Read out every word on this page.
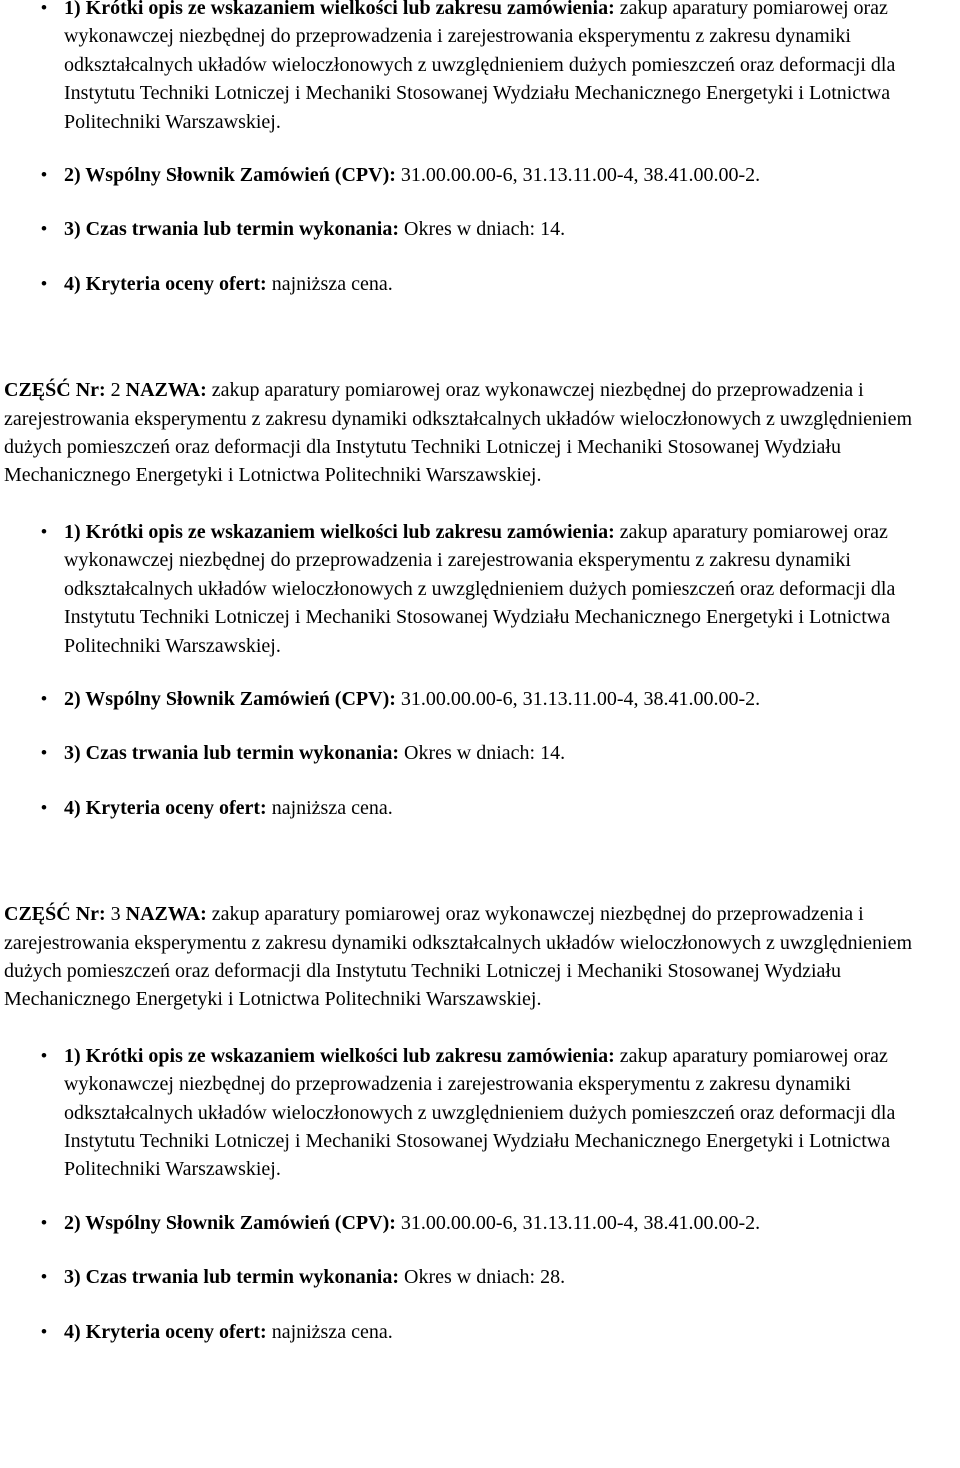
• 1) Krótki opis ze wskazaniem wielkości lub zakresu zamówienia: zakup aparatury pomiarowej oraz wykonawczej niezbędnej do przeprowadzenia i zarejestrowania eksperymentu z zakresu dynamiki odkształcalnych układów wieloczłonowych z uwzględnieniem dużych pomieszczeń oraz deformacji dla Instytutu Techniki Lotniczej i Mechaniki Stosowanej Wydziału Mechanicznego Energetyki i Lotnictwa Politechniki Warszawskiej.
• 2) Wspólny Słownik Zamówień (CPV): 31.00.00.00-6, 31.13.11.00-4, 38.41.00.00-2.
• 3) Czas trwania lub termin wykonania: Okres w dniach: 14.
• 4) Kryteria oceny ofert: najniższa cena.

CZĘŚĆ Nr: 2 NAZWA: zakup aparatury pomiarowej oraz wykonawczej niezbędnej do przeprowadzenia i zarejestrowania eksperymentu z zakresu dynamiki odkształcalnych układów wieloczłonowych z uwzględnieniem dużych pomieszczeń oraz deformacji dla Instytutu Techniki Lotniczej i Mechaniki Stosowanej Wydziału Mechanicznego Energetyki i Lotnictwa Politechniki Warszawskiej.

• 1) Krótki opis ze wskazaniem wielkości lub zakresu zamówienia: zakup aparatury pomiarowej oraz wykonawczej niezbędnej do przeprowadzenia i zarejestrowania eksperymentu z zakresu dynamiki odkształcalnych układów wieloczłonowych z uwzględnieniem dużych pomieszczeń oraz deformacji dla Instytutu Techniki Lotniczej i Mechaniki Stosowanej Wydziału Mechanicznego Energetyki i Lotnictwa Politechniki Warszawskiej.
• 2) Wspólny Słownik Zamówień (CPV): 31.00.00.00-6, 31.13.11.00-4, 38.41.00.00-2.
• 3) Czas trwania lub termin wykonania: Okres w dniach: 14.
• 4) Kryteria oceny ofert: najniższa cena.

CZĘŚĆ Nr: 3 NAZWA: zakup aparatury pomiarowej oraz wykonawczej niezbędnej do przeprowadzenia i zarejestrowania eksperymentu z zakresu dynamiki odkształcalnych układów wieloczłonowych z uwzględnieniem dużych pomieszczeń oraz deformacji dla Instytutu Techniki Lotniczej i Mechaniki Stosowanej Wydziału Mechanicznego Energetyki i Lotnictwa Politechniki Warszawskiej.

• 1) Krótki opis ze wskazaniem wielkości lub zakresu zamówienia: zakup aparatury pomiarowej oraz wykonawczej niezbędnej do przeprowadzenia i zarejestrowania eksperymentu z zakresu dynamiki odkształcalnych układów wieloczłonowych z uwzględnieniem dużych pomieszczeń oraz deformacji dla Instytutu Techniki Lotniczej i Mechaniki Stosowanej Wydziału Mechanicznego Energetyki i Lotnictwa Politechniki Warszawskiej.
• 2) Wspólny Słownik Zamówień (CPV): 31.00.00.00-6, 31.13.11.00-4, 38.41.00.00-2.
• 3) Czas trwania lub termin wykonania: Okres w dniach: 28.
• 4) Kryteria oceny ofert: najniższa cena.
